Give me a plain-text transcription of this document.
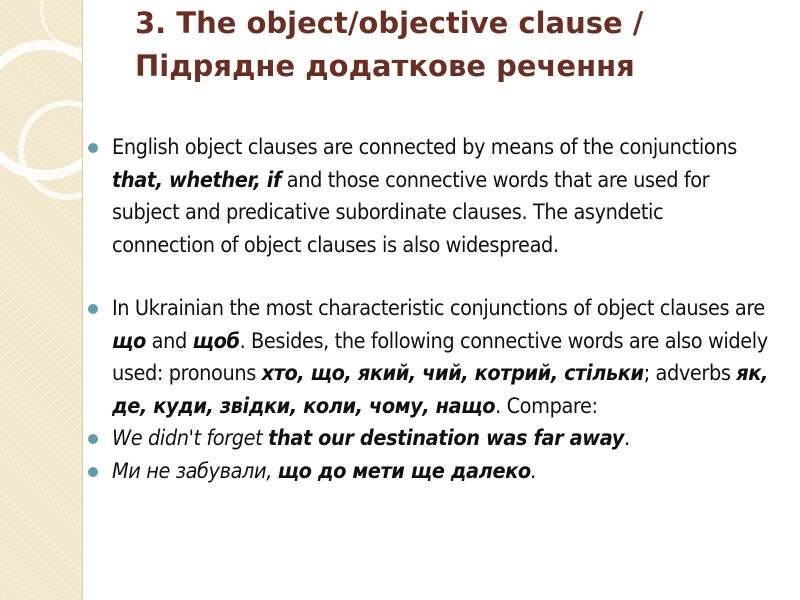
3. The object/objective clause /
Підрядне додаткове речення
English object clauses are connected by means of the conjunctions that, whether, if and those connective words that are used for subject and predicative subordinate clauses. The asyndetic connection of object clauses is also widespread.
In Ukrainian the most characteristic conjunctions of object clauses are що and щоб. Besides, the following connective words are also widely used: pronouns хто, що, який, чий, котрий, стільки; adverbs як, де, куди, звідки, коли, чому, нащо. Compare:
We didn't forget that our destination was far away.
Ми не забували, що до мети ще далеко.
